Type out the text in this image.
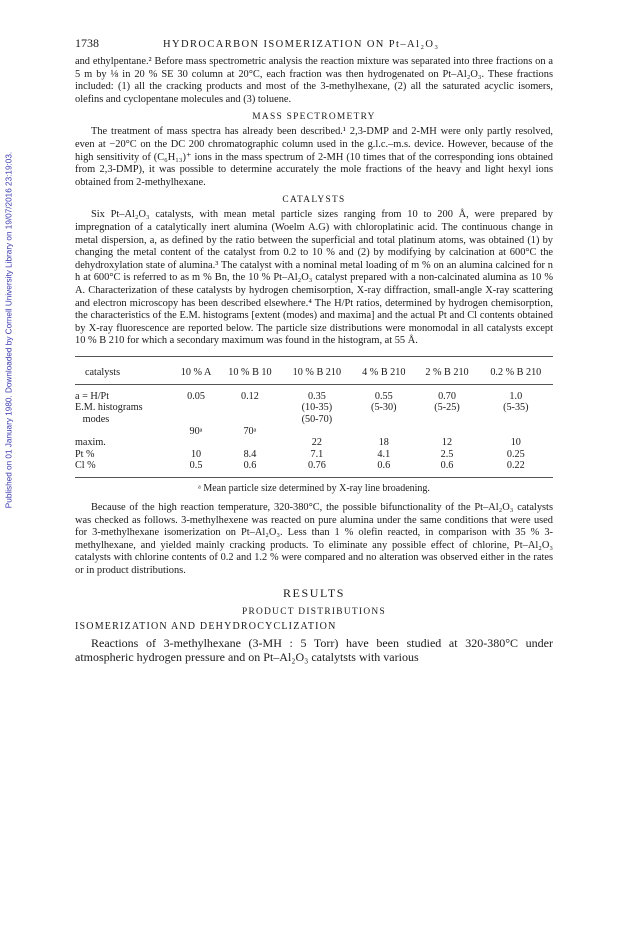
Published on 01 January 1980. Downloaded by Cornell University Library on 19/07/2016 23:19:03.
1738	HYDROCARBON ISOMERIZATION ON Pt–Al₂O₃

and ethylpentane.² Before mass spectrometric analysis the reaction mixture was separated into three fractions on a 5 m by ⅛ in 20 % SE 30 column at 20°C, each fraction was then hydrogenated on Pt–Al₂O₃. These fractions included: (1) all the cracking products and most of the 3-methylhexane, (2) all the saturated acyclic isomers, olefins and cyclopentane molecules and (3) toluene.

MASS SPECTROMETRY

The treatment of mass spectra has already been described.¹ 2,3-DMP and 2-MH were only partly resolved, even at −20°C on the DC 200 chromatographic column used in the g.l.c.–m.s. device. However, because of the high sensitivity of (C₆H₁₃)⁺ ions in the mass spectrum of 2-MH (10 times that of the corresponding ions obtained from 2,3-DMP), it was possible to determine accurately the mole fractions of the heavy and light hexyl ions obtained from 2-methylhexane.

CATALYSTS

Six Pt–Al₂O₃ catalysts, with mean metal particle sizes ranging from 10 to 200 Å, were prepared by impregnation of a catalytically inert alumina (Woelm A.G) with chloroplatinic acid. The continuous change in metal dispersion, a, as defined by the ratio between the superficial and total platinum atoms, was obtained (1) by changing the metal content of the catalyst from 0.2 to 10 % and (2) by modifying by calcination at 600°C the dehydroxylation state of alumina.³ The catalyst with a nominal metal loading of m % on an alumina calcined for n h at 600°C is referred to as m % Bn, the 10 % Pt–Al₂O₃ catalyst prepared with a non-calcinated alumina as 10 % A. Characterization of these catalysts by hydrogen chemisorption, X-ray diffraction, small-angle X-ray scattering and electron microscopy has been described elsewhere.⁴ The H/Pt ratios, determined by hydrogen chemisorption, the characteristics of the E.M. histograms [extent (modes) and maxima] and the actual Pt and Cl contents obtained by X-ray fluorescence are reported below. The particle size distributions were monomodal in all catalysts except 10 % B 210 for which a secondary maximum was found in the histogram, at 55 Å.

catalysts	10 % A	10 % B 10	10 % B 210	4 % B 210	2 % B 210	0.2 % B 210
a = H/Pt	0.05	0.12	0.35	0.55	0.70	1.0
E.M. histograms			(10-35)	(5-30)	(5-25)	(5-35)
modes			(50-70)			
	90ᵃ	70ᵃ				
maxim.			22	18	12	10
Pt %	10	8.4	7.1	4.1	2.5	0.25
Cl %	0.5	0.6	0.76	0.6	0.6	0.22
ᵃ Mean particle size determined by X-ray line broadening.

Because of the high reaction temperature, 320-380°C, the possible bifunctionality of the Pt–Al₂O₃ catalysts was checked as follows. 3-methylhexene was reacted on pure alumina under the same conditions that were used for 3-methylhexane isomerization on Pt–Al₂O₃. Less than 1 % olefin reacted, in comparison with 35 % 3-methylhexane, and yielded mainly cracking products. To eliminate any possible effect of chlorine, Pt–Al₂O₃ catalysts with chlorine contents of 0.2 and 1.2 % were compared and no alteration was observed either in the rates or in product distributions.

RESULTS
PRODUCT DISTRIBUTIONS
ISOMERIZATION AND DEHYDROCYCLIZATION

Reactions of 3-methylhexane (3-MH : 5 Torr) have been studied at 320-380°C under atmospheric hydrogen pressure and on Pt–Al₂O₃ catalytsts with various
